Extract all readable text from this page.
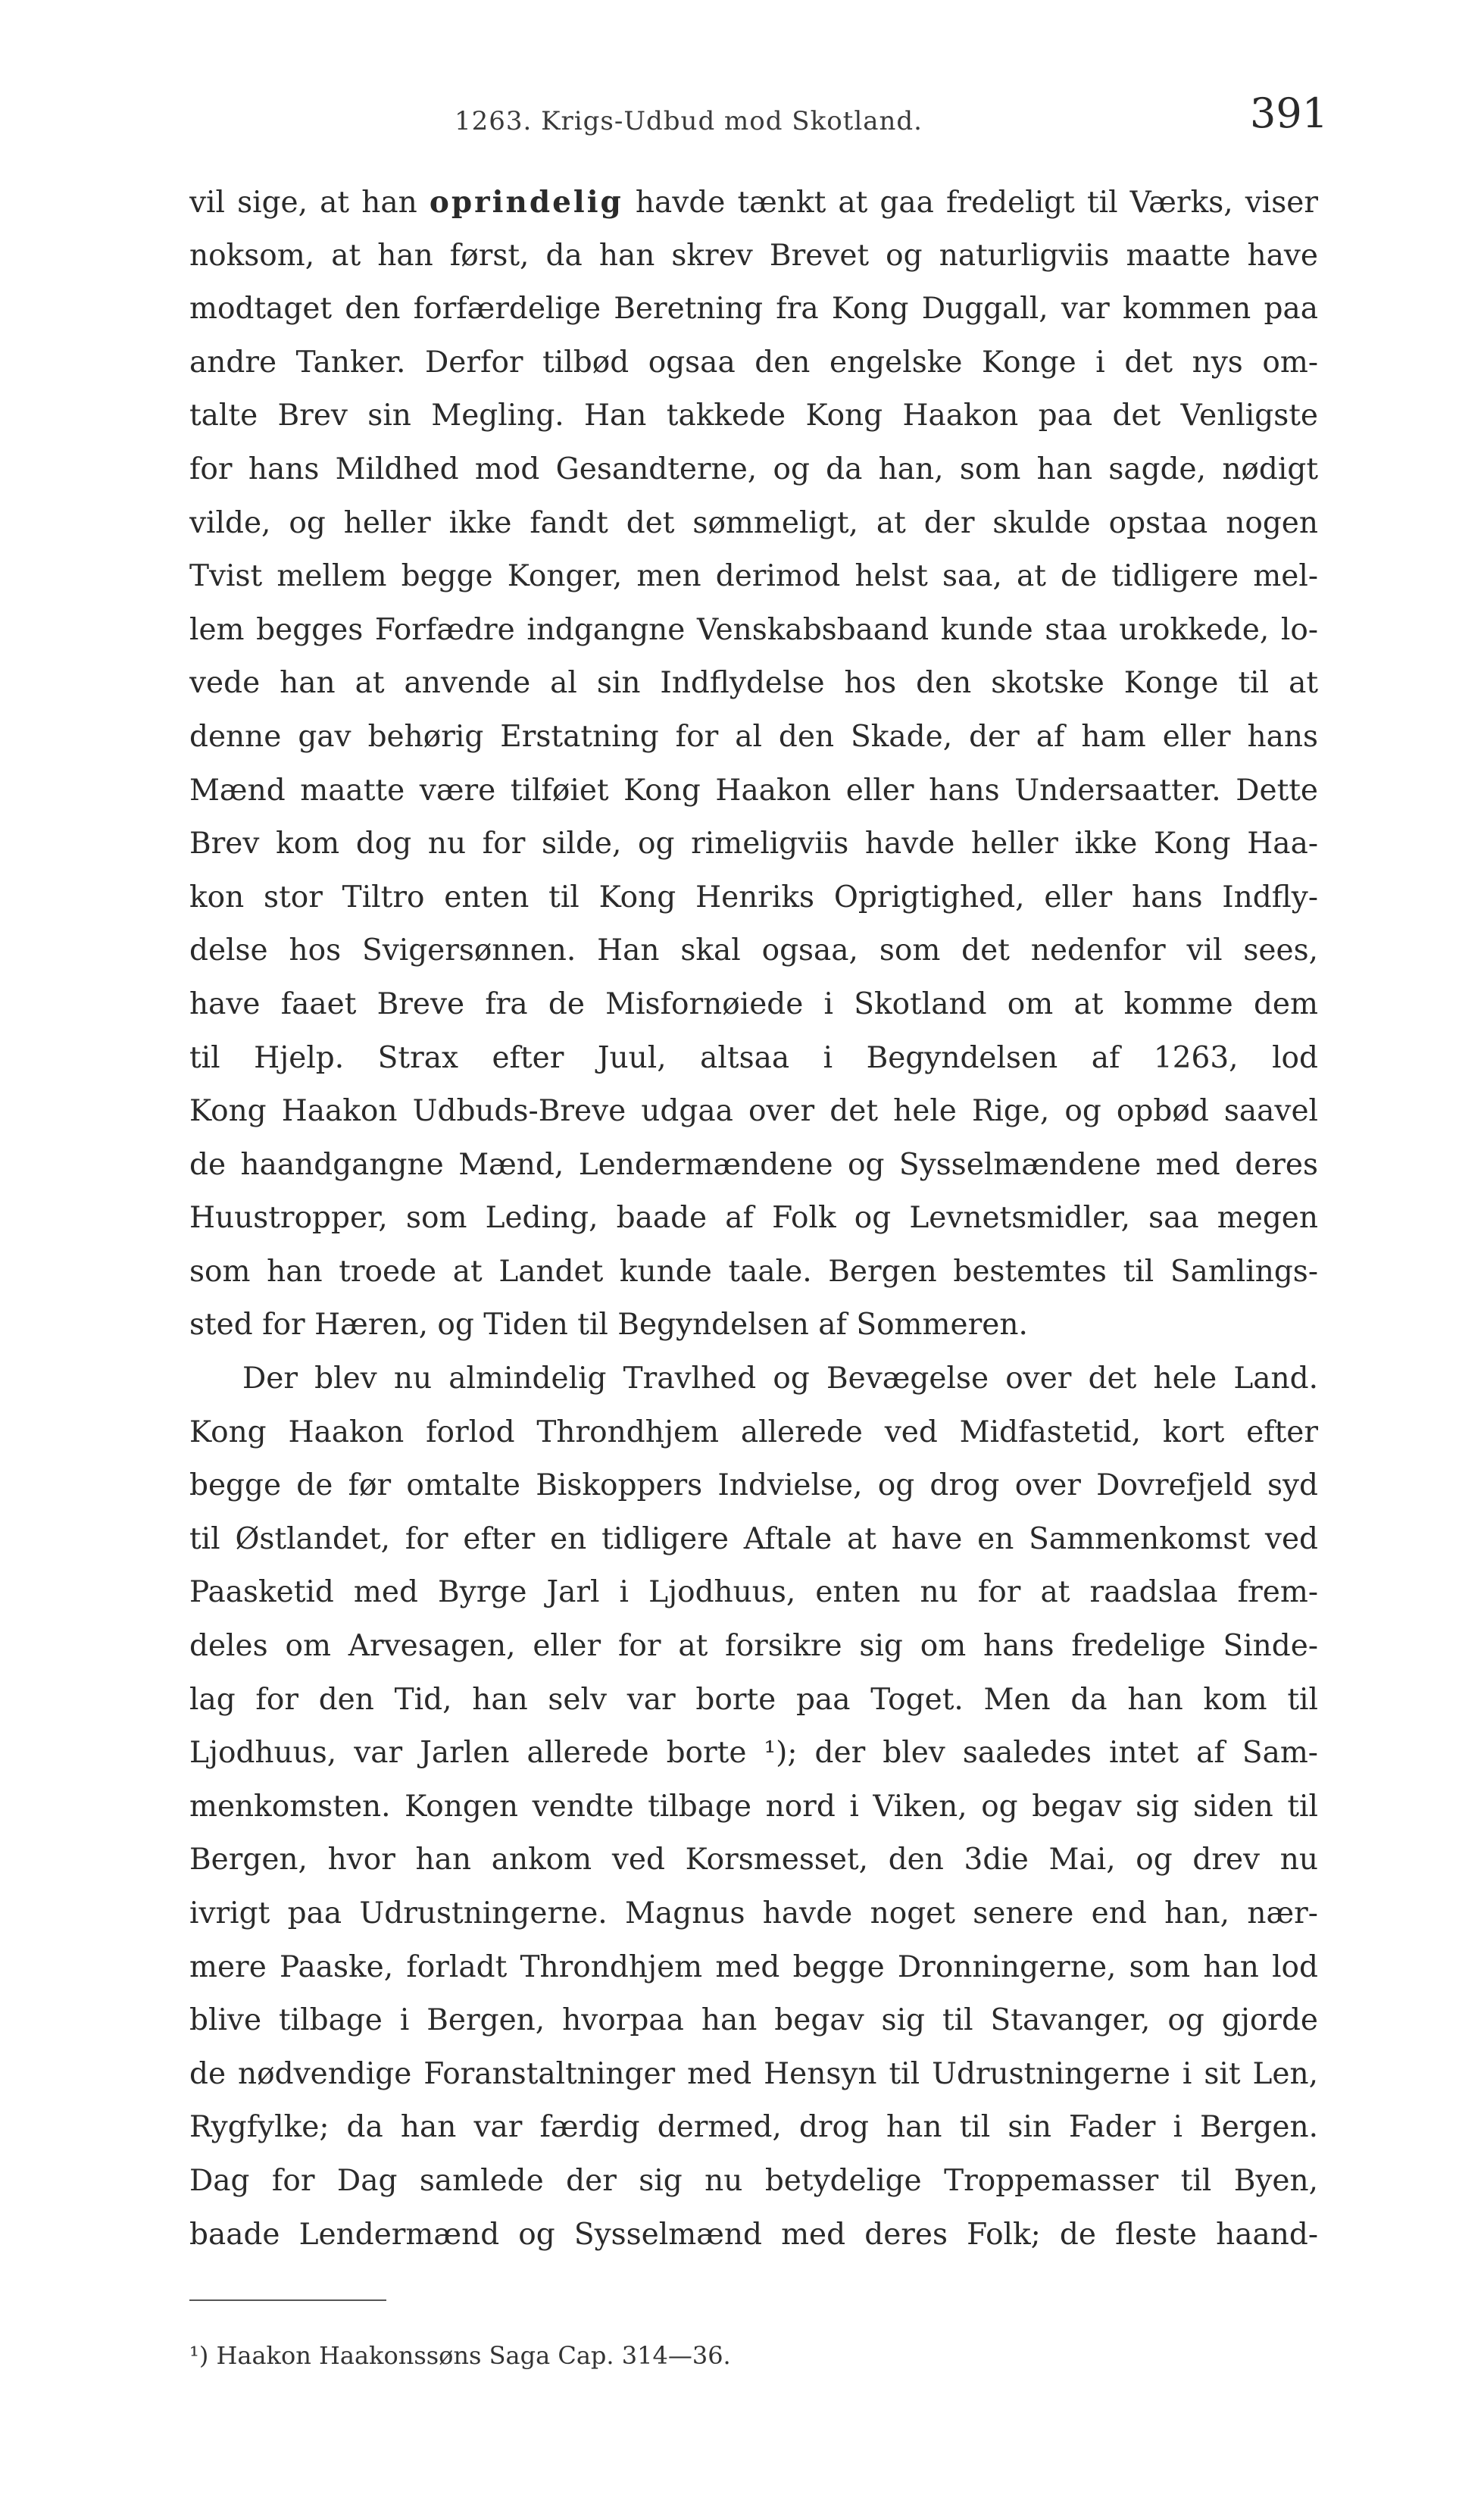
1263. Krigs-Udbud mod Skotland.	391
vil sige, at han oprindelig havde tænkt at gaa fredeligt til Værks, viser
noksom, at han først, da han skrev Brevet og naturligviis maatte have
modtaget den forfærdelige Beretning fra Kong Duggall, var kommen paa
andre Tanker. Derfor tilbød ogsaa den engelske Konge i det nys om-
talte Brev sin Megling. Han takkede Kong Haakon paa det Venligste
for hans Mildhed mod Gesandterne, og da han, som han sagde, nødigt
vilde, og heller ikke fandt det sømmeligt, at der skulde opstaa nogen
Tvist mellem begge Konger, men derimod helst saa, at de tidligere mel-
lem begges Forfædre indgangne Venskabsbaand kunde staa urokkede, lo-
vede han at anvende al sin Indflydelse hos den skotske Konge til at
denne gav behørig Erstatning for al den Skade, der af ham eller hans
Mænd maatte være tilføiet Kong Haakon eller hans Undersaatter. Dette
Brev kom dog nu for silde, og rimeligviis havde heller ikke Kong Haa-
kon stor Tiltro enten til Kong Henriks Oprigtighed, eller hans Indfly-
delse hos Svigersønnen. Han skal ogsaa, som det nedenfor vil sees,
have faaet Breve fra de Misfornøiede i Skotland om at komme dem
til Hjelp. Strax efter Juul, altsaa i Begyndelsen af 1263, lod
Kong Haakon Udbuds-Breve udgaa over det hele Rige, og opbød saavel
de haandgangne Mænd, Lendermændene og Sysselmændene med deres
Huustropper, som Leding, baade af Folk og Levnetsmidler, saa megen
som han troede at Landet kunde taale. Bergen bestemtes til Samlings-
sted for Hæren, og Tiden til Begyndelsen af Sommeren.
Der blev nu almindelig Travlhed og Bevægelse over det hele Land.
Kong Haakon forlod Throndhjem allerede ved Midfastetid, kort efter
begge de før omtalte Biskoppers Indvielse, og drog over Dovrefjeld syd
til Østlandet, for efter en tidligere Aftale at have en Sammenkomst ved
Paasketid med Byrge Jarl i Ljodhuus, enten nu for at raadslaa frem-
deles om Arvesagen, eller for at forsikre sig om hans fredelige Sinde-
lag for den Tid, han selv var borte paa Toget. Men da han kom til
Ljodhuus, var Jarlen allerede borte ¹); der blev saaledes intet af Sam-
menkomsten. Kongen vendte tilbage nord i Viken, og begav sig siden til
Bergen, hvor han ankom ved Korsmesset, den 3die Mai, og drev nu
ivrigt paa Udrustningerne. Magnus havde noget senere end han, nær-
mere Paaske, forladt Throndhjem med begge Dronningerne, som han lod
blive tilbage i Bergen, hvorpaa han begav sig til Stavanger, og gjorde
de nødvendige Foranstaltninger med Hensyn til Udrustningerne i sit Len,
Rygfylke; da han var færdig dermed, drog han til sin Fader i Bergen.
Dag for Dag samlede der sig nu betydelige Troppemasser til Byen,
baade Lendermænd og Sysselmænd med deres Folk; de fleste haand-
¹) Haakon Haakonssøns Saga Cap. 314—36.
